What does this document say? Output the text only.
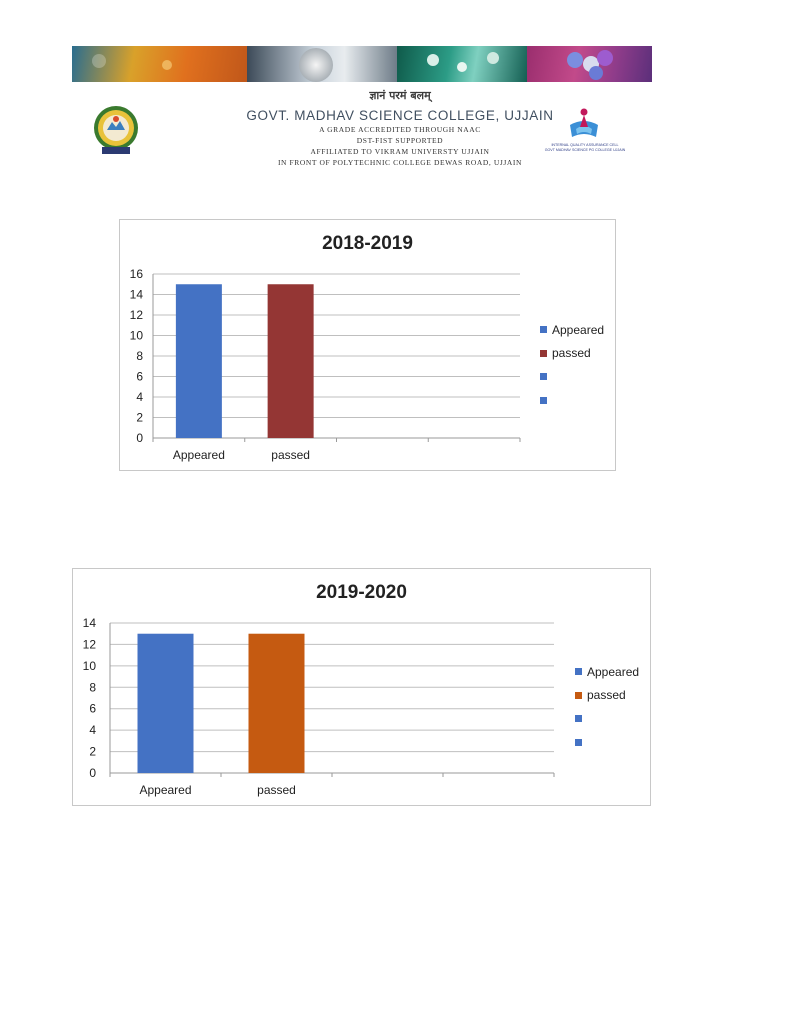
ज्ञानं परमं बलम्
GOVT. MADHAV SCIENCE COLLEGE, UJJAIN
A GRADE ACCREDITED THROUGH NAAC
DST-FIST SUPPORTED
AFFILIATED TO VIKRAM UNIVERSTY UJJAIN
IN FRONT OF POLYTECHNIC COLLEGE DEWAS ROAD, UJJAIN
INTERNAL QUALITY ASSURANCE CELL
GOVT MADHAV SCIENCE PG COLLEGE UJJAIN
2018-2019
0
2
4
6
8
10
12
14
16
Appeared	passed
Appeared
passed
2019-2020
0
2
4
6
8
10
12
14
Appeared	passed
Appeared
passed
